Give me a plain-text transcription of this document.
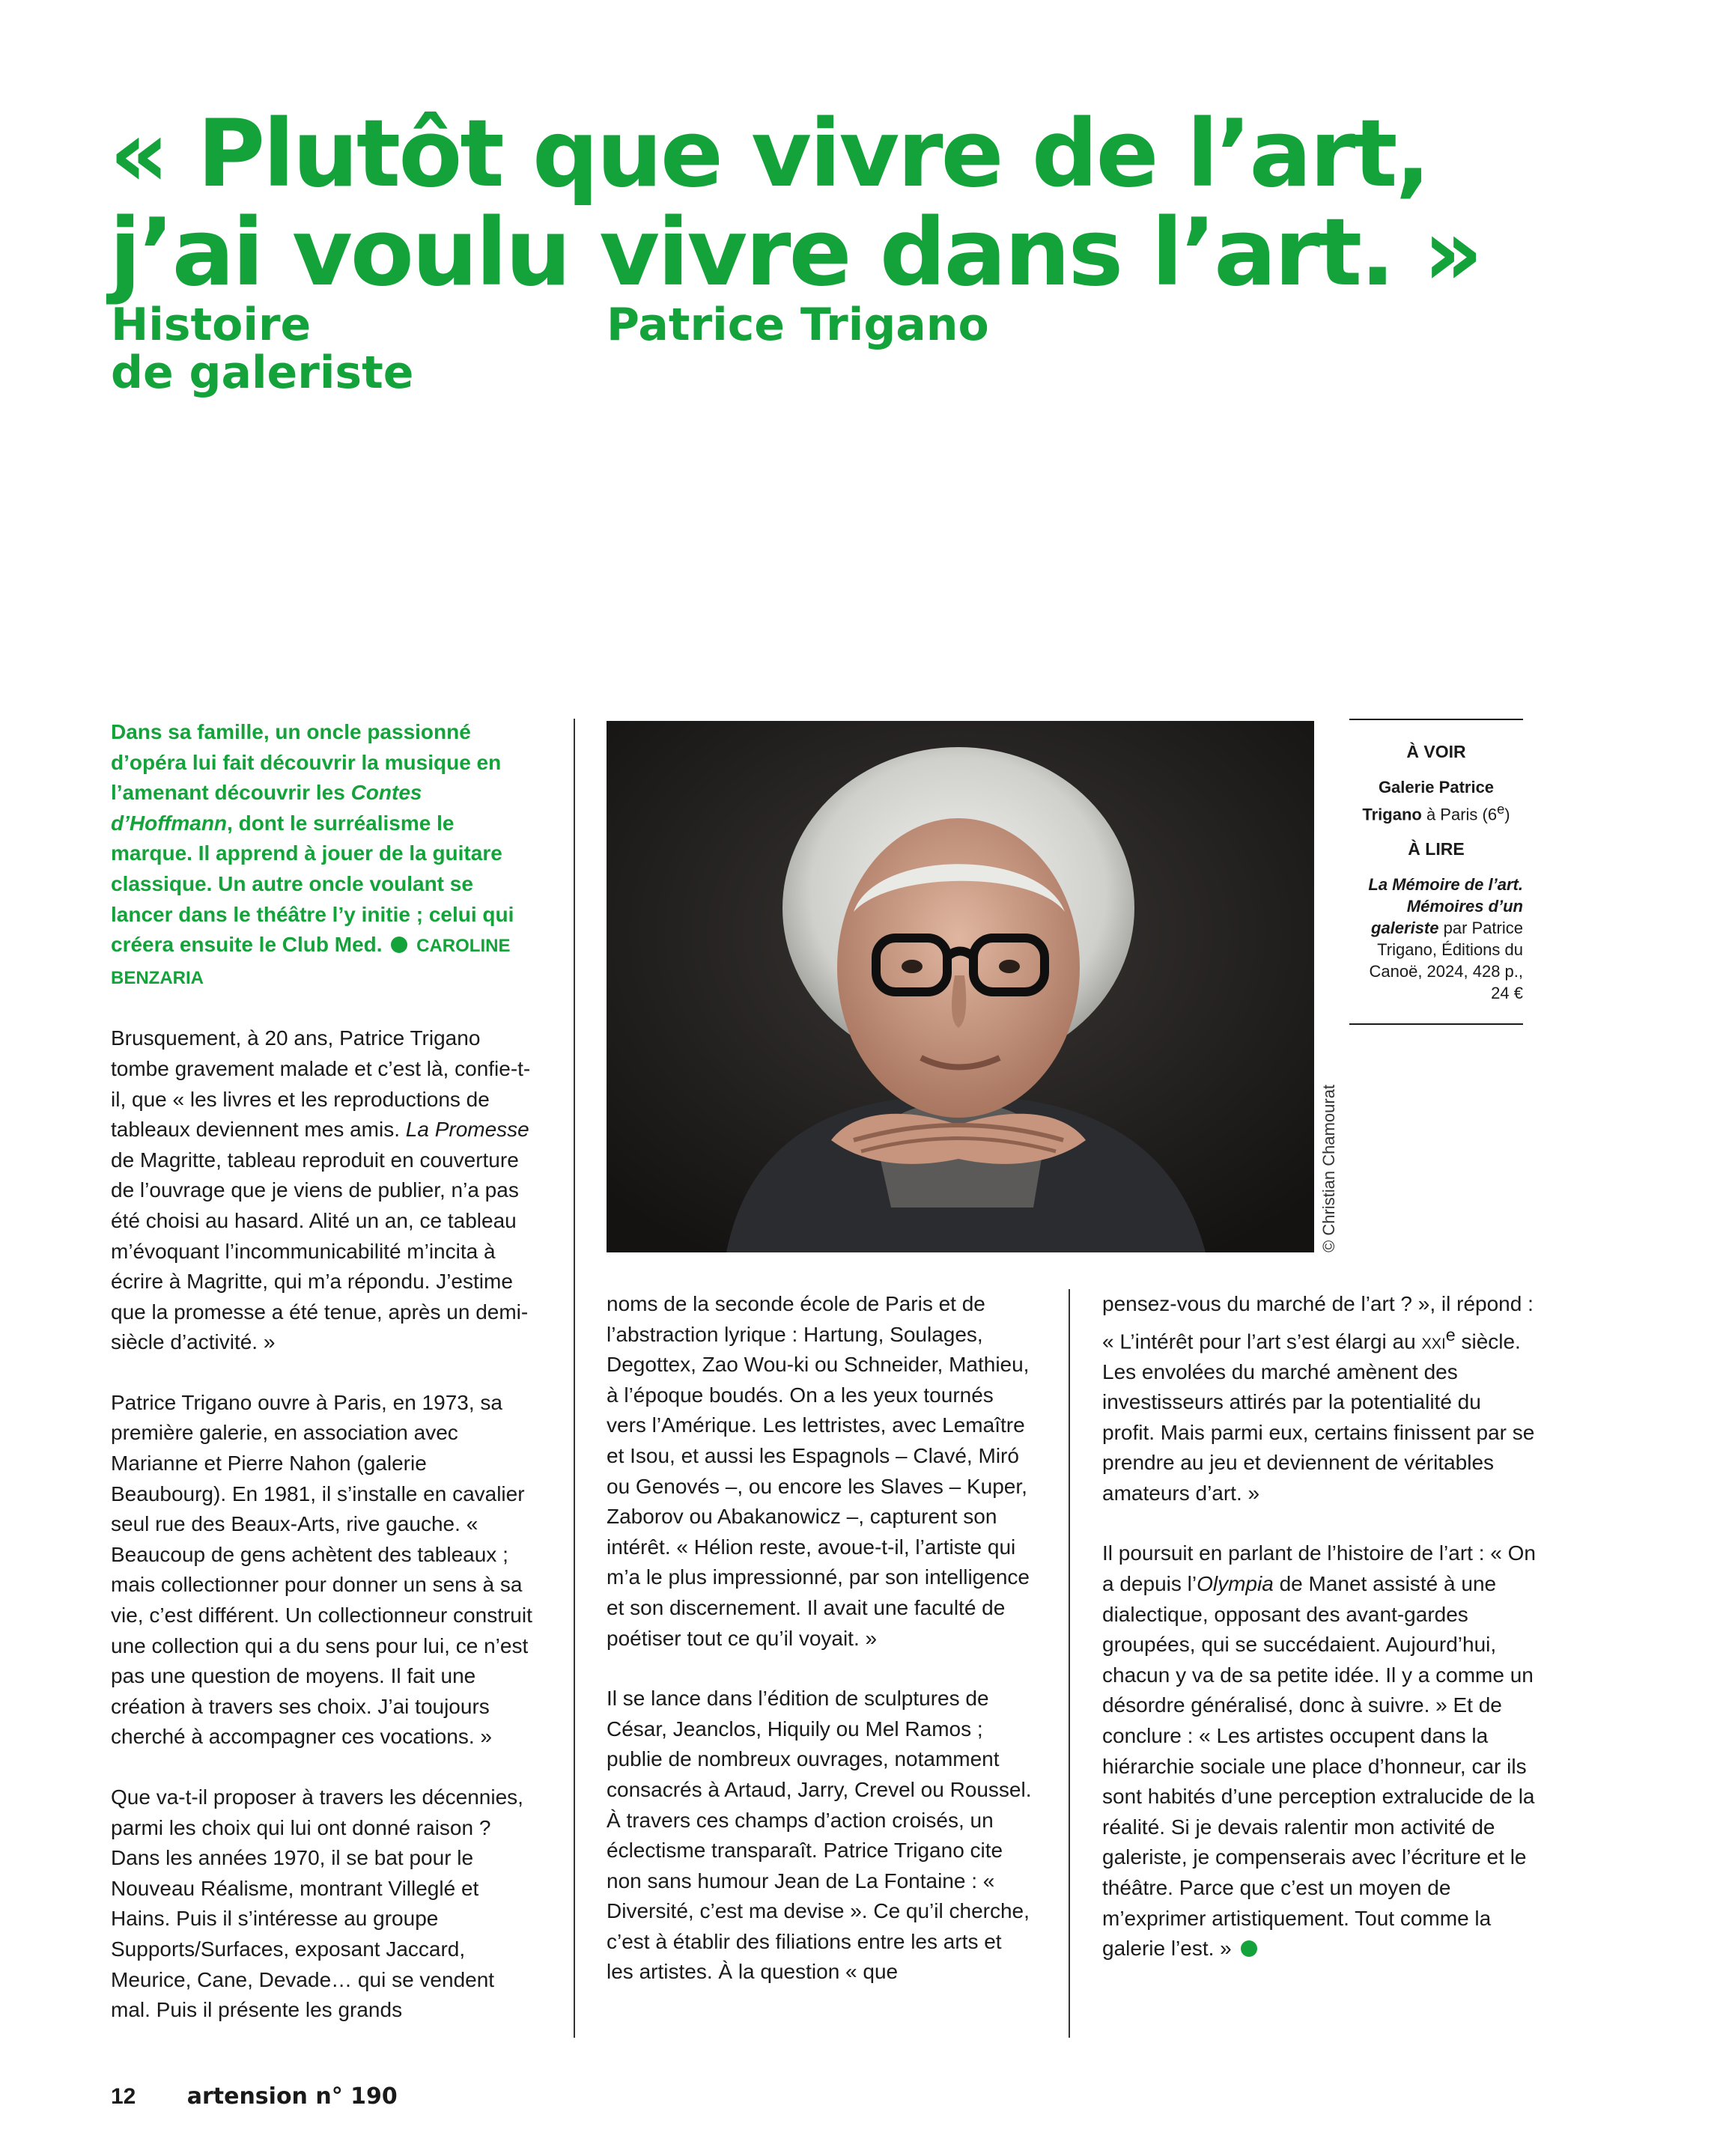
« Plutôt que vivre de l’art,
j’ai voulu vivre dans l’art. »
Histoire
de galeriste
Patrice Trigano

Dans sa famille, un oncle passionné d’opéra lui fait découvrir la musique en l’amenant découvrir les Contes d’Hoffmann, dont le surréalisme le marque. Il apprend à jouer de la guitare classique. Un autre oncle voulant se lancer dans le théâtre l’y initie ; celui qui créera ensuite le Club Med. CAROLINE BENZARIA

Brusquement, à 20 ans, Patrice Trigano tombe gravement malade et c’est là, confie-t-il, que « les livres et les reproductions de tableaux deviennent mes amis. La Promesse de Magritte, tableau reproduit en couverture de l’ouvrage que je viens de publier, n’a pas été choisi au hasard. Alité un an, ce tableau m’évoquant l’incommunicabilité m’incita à écrire à Magritte, qui m’a répondu. J’estime que la promesse a été tenue, après un demi-siècle d’activité. »

Patrice Trigano ouvre à Paris, en 1973, sa première galerie, en association avec Marianne et Pierre Nahon (galerie Beaubourg). En 1981, il s’installe en cavalier seul rue des Beaux-Arts, rive gauche. « Beaucoup de gens achètent des tableaux ; mais collectionner pour donner un sens à sa vie, c’est différent. Un collectionneur construit une collection qui a du sens pour lui, ce n’est pas une question de moyens. Il fait une création à travers ses choix. J’ai toujours cherché à accompagner ces vocations. »

Que va-t-il proposer à travers les décennies, parmi les choix qui lui ont donné raison ? Dans les années 1970, il se bat pour le Nouveau Réalisme, montrant Villeglé et Hains. Puis il s’intéresse au groupe Supports/Surfaces, exposant Jaccard, Meurice, Cane, Devade… qui se vendent mal. Puis il présente les grands

© Christian Chamourat
À VOIR
Galerie Patrice Trigano à Paris (6e)
À LIRE
La Mémoire de l’art. Mémoires d’un galeriste par Patrice Trigano, Éditions du Canoë, 2024, 428 p., 24 €

noms de la seconde école de Paris et de l’abstraction lyrique : Hartung, Soulages, Degottex, Zao Wou-ki ou Schneider, Mathieu, à l’époque boudés. On a les yeux tournés vers l’Amérique. Les lettristes, avec Lemaître et Isou, et aussi les Espagnols – Clavé, Miró ou Genovés –, ou encore les Slaves – Kuper, Zaborov ou Abakanowicz –, capturent son intérêt. « Hélion reste, avoue-t-il, l’artiste qui m’a le plus impressionné, par son intelligence et son discernement. Il avait une faculté de poétiser tout ce qu’il voyait. »

Il se lance dans l’édition de sculptures de César, Jeanclos, Hiquily ou Mel Ramos ; publie de nombreux ouvrages, notamment consacrés à Artaud, Jarry, Crevel ou Roussel. À travers ces champs d’action croisés, un éclectisme transparaît. Patrice Trigano cite non sans humour Jean de La Fontaine : « Diversité, c’est ma devise ». Ce qu’il cherche, c’est à établir des filiations entre les arts et les artistes. À la question « que

pensez-vous du marché de l’art ? », il répond : « L’intérêt pour l’art s’est élargi au xxi$^e$ siècle. Les envolées du marché amènent des investisseurs attirés par la potentialité du profit. Mais parmi eux, certains finissent par se prendre au jeu et deviennent de véritables amateurs d’art. »

Il poursuit en parlant de l’histoire de l’art : « On a depuis l’Olympia de Manet assisté à une dialectique, opposant des avant-gardes groupées, qui se succédaient. Aujourd’hui, chacun y va de sa petite idée. Il y a comme un désordre généralisé, donc à suivre. » Et de conclure : « Les artistes occupent dans la hiérarchie sociale une place d’honneur, car ils sont habités d’une perception extralucide de la réalité. Si je devais ralentir mon activité de galeriste, je compenserais avec l’écriture et le théâtre. Parce que c’est un moyen de m’exprimer artistiquement. Tout comme la galerie l’est. »

12 artension n° 190
